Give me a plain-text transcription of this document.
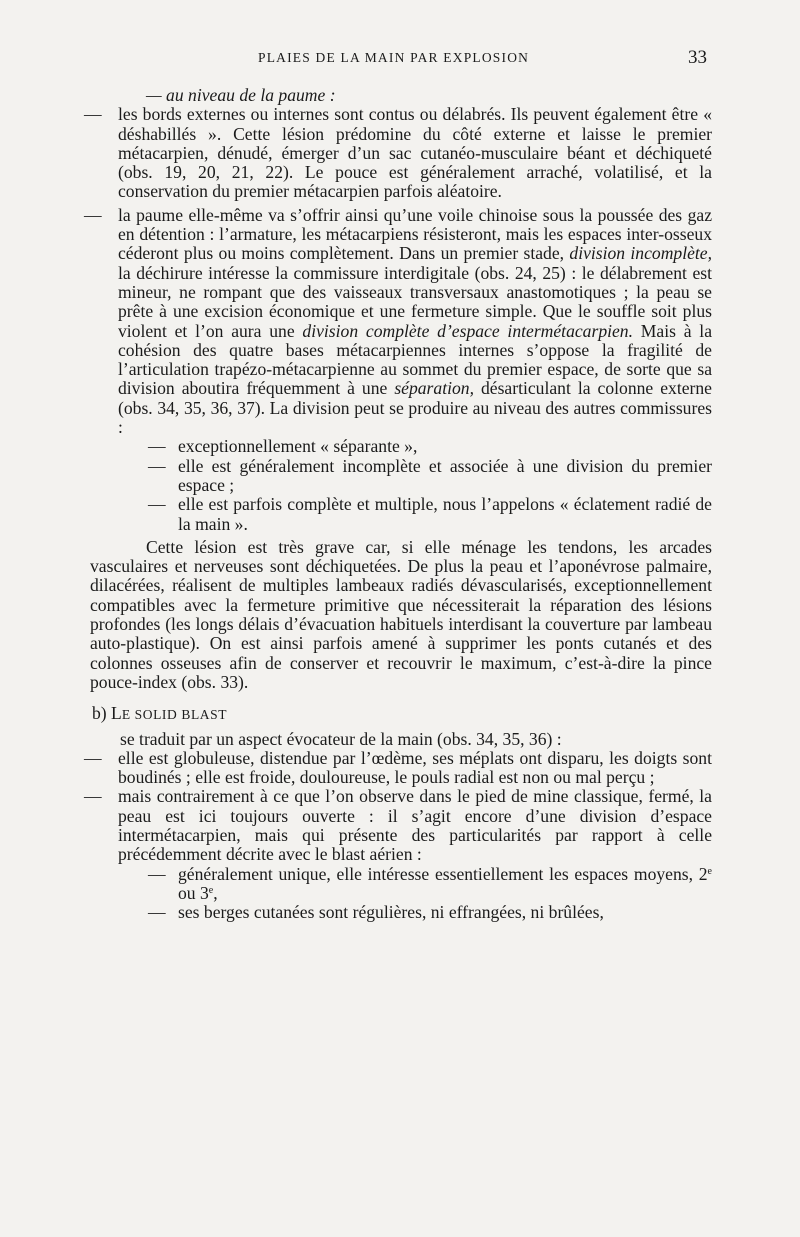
PLAIES DE LA MAIN PAR EXPLOSION	33

— au niveau de la paume :

— les bords externes ou internes sont contus ou délabrés. Ils peuvent également être « déshabillés ». Cette lésion prédomine du côté externe et laisse le premier métacarpien, dénudé, émerger d’un sac cutanéo-musculaire béant et déchiqueté (obs. 19, 20, 21, 22). Le pouce est généralement arraché, volatilisé, et la conservation du premier métacarpien parfois aléatoire.

— la paume elle-même va s’offrir ainsi qu’une voile chinoise sous la poussée des gaz en détention : l’armature, les métacarpiens résisteront, mais les espaces inter-osseux céderont plus ou moins complètement. Dans un premier stade, division incomplète, la déchirure intéresse la commissure interdigitale (obs. 24, 25) : le délabrement est mineur, ne rompant que des vaisseaux transversaux anastomotiques ; la peau se prête à une excision économique et une fermeture simple. Que le souffle soit plus violent et l’on aura une division complète d’espace intermétacarpien. Mais à la cohésion des quatre bases métacarpiennes internes s’oppose la fragilité de l’articulation trapézo-métacarpienne au sommet du premier espace, de sorte que sa division aboutira fréquemment à une séparation, désarticulant la colonne externe (obs. 34, 35, 36, 37). La division peut se produire au niveau des autres commissures :

— exceptionnellement « séparante »,

— elle est généralement incomplète et associée à une division du premier espace ;

— elle est parfois complète et multiple, nous l’appelons « éclatement radié de la main ».

Cette lésion est très grave car, si elle ménage les tendons, les arcades vasculaires et nerveuses sont déchiquetées. De plus la peau et l’aponévrose palmaire, dilacérées, réalisent de multiples lambeaux radiés dévascularisés, exceptionnellement compatibles avec la fermeture primitive que nécessiterait la réparation des lésions profondes (les longs délais d’évacuation habituels interdisant la couverture par lambeau auto-plastique). On est ainsi parfois amené à supprimer les ponts cutanés et des colonnes osseuses afin de conserver et recouvrir le maximum, c’est-à-dire la pince pouce-index (obs. 33).

b) LE SOLID BLAST

se traduit par un aspect évocateur de la main (obs. 34, 35, 36) :

— elle est globuleuse, distendue par l’œdème, ses méplats ont disparu, les doigts sont boudinés ; elle est froide, douloureuse, le pouls radial est non ou mal perçu ;

— mais contrairement à ce que l’on observe dans le pied de mine classique, fermé, la peau est ici toujours ouverte : il s’agit encore d’une division d’espace intermétacarpien, mais qui présente des particularités par rapport à celle précédemment décrite avec le blast aérien :

— généralement unique, elle intéresse essentiellement les espaces moyens, 2e ou 3e,

— ses berges cutanées sont régulières, ni effrangées, ni brûlées,
